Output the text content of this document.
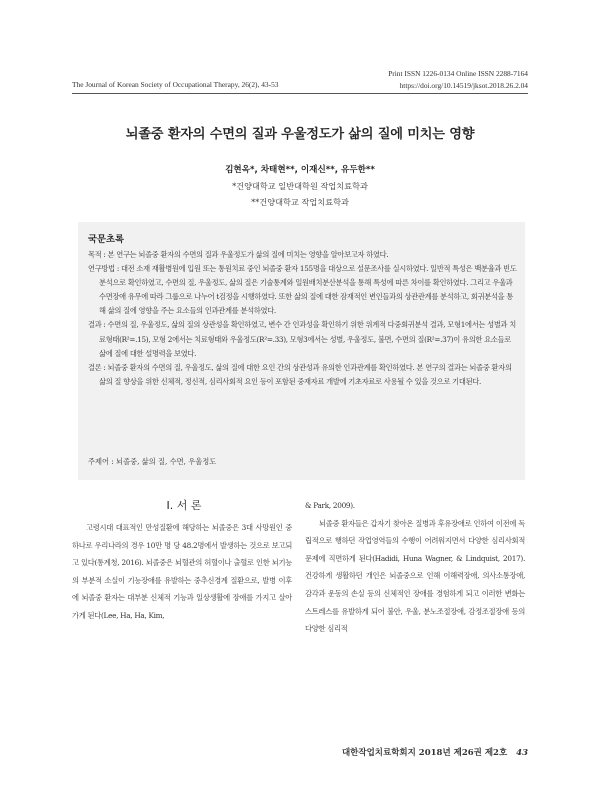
Print ISSN 1226-0134 Online ISSN 2288-7164
https://doi.org/10.14519/jksot.2018.26.2.04
The Journal of Korean Society of Occupational Therapy, 26(2), 43-53
뇌졸중 환자의 수면의 질과 우울정도가 삶의 질에 미치는 영향
김현옥*, 차태현**, 이재신**, 유두한**
*건양대학교 일반대학원 작업치료학과
**건양대학교 작업치료학과
국문초록

목적 : 본 연구는 뇌졸중 환자의 수면의 질과 우울정도가 삶의 질에 미치는 영향을 알아보고자 하였다.

연구방법 : 대전 소재 재활병원에 입원 또는 통원치료 중인 뇌졸중 환자 155명을 대상으로 설문조사를 실시하였다. 일반적 특성은 백분율과 빈도분석으로 확인하였고, 수면의 질, 우울정도, 삶의 질은 기술통계와 일원배치분산분석을 통해 특성에 따른 차이를 확인하였다. 그리고 우울과 수면장애 유무에 따라 그룹으로 나누어 t검정을 시행하였다. 또한 삶의 질에 대한 잠재적인 변인들과의 상관관계를 분석하고, 회귀분석을 통해 삶의 질에 영향을 주는 요소들의 인과관계를 분석하였다.

결과 : 수면의 질, 우울정도, 삶의 질의 상관성을 확인하였고, 변수 간 인과성을 확인하기 위한 위계적 다중회귀분석 결과, 모형1에서는 성별과 치료형태(R²=.15), 모형 2에서는 치료형태와 우울정도(R²=.33), 모형3에서는 성별, 우울정도, 불면, 수면의 질(R²=.37)이 유의한 요소들로 삶에 질에 대한 설명력을 보였다.

결론 : 뇌졸중 환자의 수면의 질, 우울정도, 삶의 질에 대한 요인 간의 상관성과 유의한 인과관계를 확인하였다. 본 연구의 결과는 뇌졸중 환자의 삶의 질 향상을 위한 신체적, 정신적, 심리사회적 요인 등이 포함된 중재자료 개발에 기초자료로 사용될 수 있을 것으로 기대된다.

주제어 : 뇌졸중, 삶의 질, 수면, 우울정도
Ⅰ. 서 론

고령시대 대표적인 만성질환에 해당하는 뇌졸중은 3대 사망원인 중 하나로 우리나라의 경우 10만 명 당 48.2명에서 발생하는 것으로 보고되고 있다(통계청, 2016). 뇌졸중은 뇌혈관의 허혈이나 출혈로 인한 뇌기능의 부분적 소실이 기능장애를 유발하는 중추신경계 질환으로, 발병 이후에 뇌졸중 환자는 대부분 신체적 기능과 일상생활에 장애를 가지고 살아가게 된다(Lee, Ha, Ha, Kim,

& Park, 2009).

뇌졸중 환자들은 갑자기 찾아온 질병과 후유장애로 인하여 이전에 독립적으로 행하던 작업영역들의 수행이 어려워지면서 다양한 심리사회적 문제에 직면하게 된다(Hadidi, Huna Wagner, & Lindquist, 2017). 건강하게 생활하던 개인은 뇌졸중으로 인해 이해력장애, 의사소통장애, 감각과 운동의 손실 등의 신체적인 장애를 경험하게 되고 이러한 변화는 스트레스를 유발하게 되어 불안, 우울, 분노조절장애, 감정조절장애 등의 다양한 심리적

대한작업치료학회지 2018년 제26권 제2호 43
